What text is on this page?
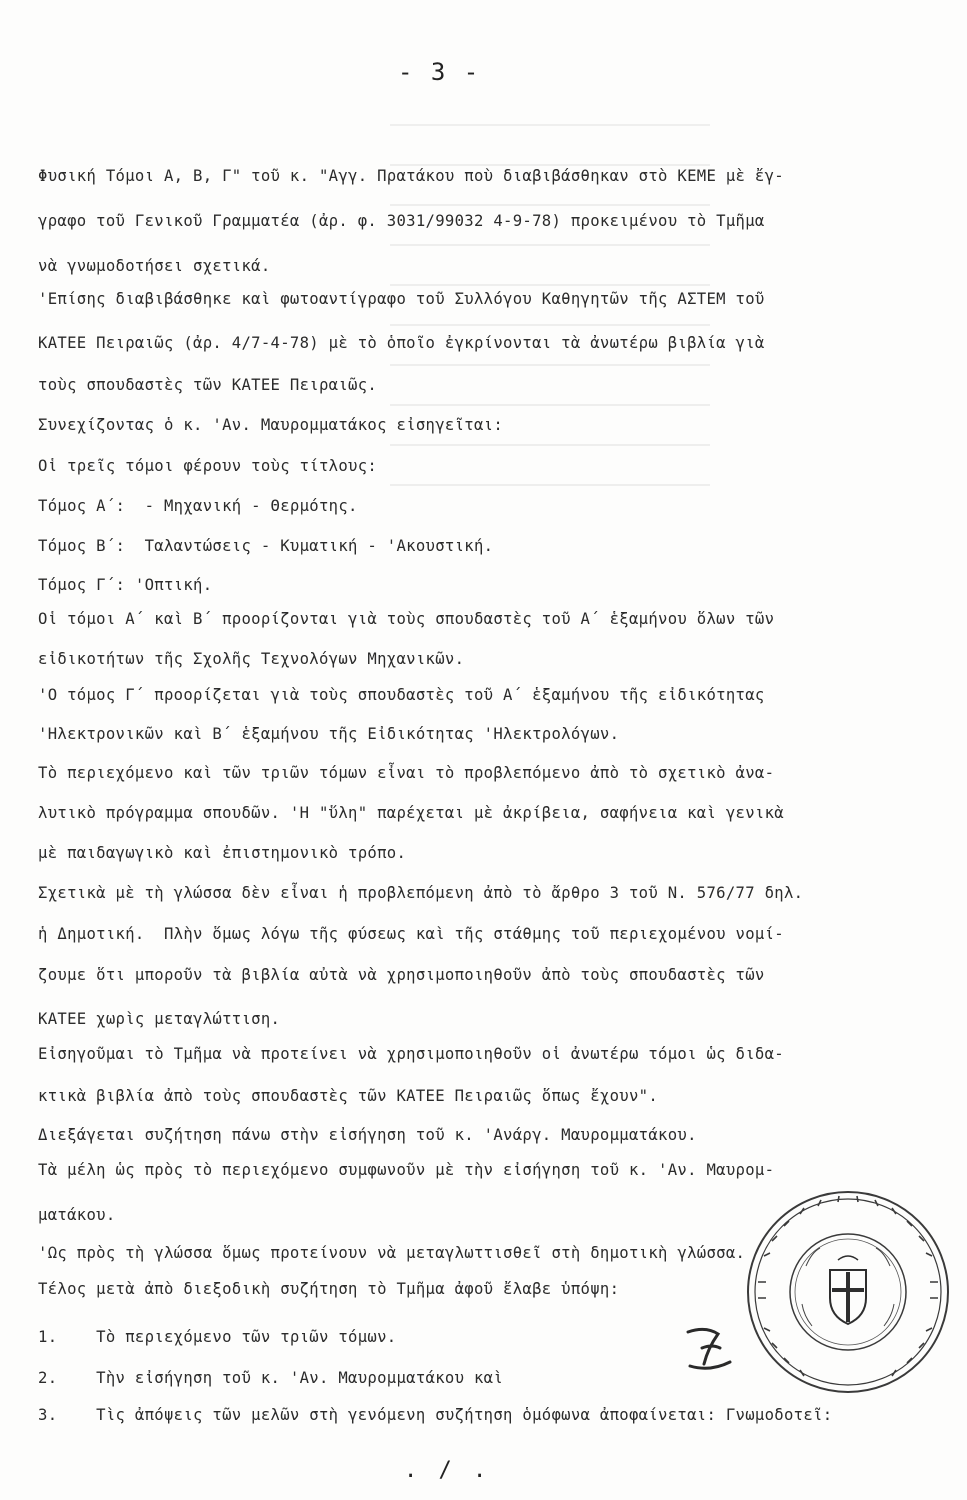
- 3 -
Φυσική Τόμοι Α, Β, Γ" τοῦ κ. "Αγγ. Πρατάκου ποὺ διαβιβάσθηκαν στὸ ΚΕΜΕ μὲ ἔγ-
γραφο τοῦ Γενικοῦ Γραμματέα (ἀρ. φ. 3031/99032 4-9-78) προκειμένου τὸ Τμῆμα
νὰ γνωμοδοτήσει σχετικά.
'Επίσης διαβιβάσθηκε καὶ φωτοαντίγραφο τοῦ Συλλόγου Καθηγητῶν τῆς ΑΣΤΕΜ τοῦ
ΚΑΤΕΕ Πειραιῶς (ἀρ. 4/7-4-78) μὲ τὸ ὁποῖο ἐγκρίνονται τὰ ἀνωτέρω βιβλία γιὰ
τοὺς σπουδαστὲς τῶν ΚΑΤΕΕ Πειραιῶς.
Συνεχίζοντας ὁ κ. 'Αν. Μαυρομματάκος εἰσηγεῖται:
Οἱ τρεῖς τόμοι φέρουν τοὺς τίτλους:
Τόμος Α΄:  - Μηχανική - Θερμότης.
Τόμος Β΄:  Ταλαντώσεις - Κυματική - 'Ακουστική.
Τόμος Γ΄: 'Οπτική.
Οἱ τόμοι Α΄ καὶ Β΄ προορίζονται γιὰ τοὺς σπουδαστὲς τοῦ Α΄ ἑξαμήνου ὅλων τῶν
εἰδικοτήτων τῆς Σχολῆς Τεχνολόγων Μηχανικῶν.
'Ο τόμος Γ΄ προορίζεται γιὰ τοὺς σπουδαστὲς τοῦ Α΄ ἑξαμήνου τῆς εἰδικότητας
'Ηλεκτρονικῶν καὶ Β΄ ἑξαμήνου τῆς Εἰδικότητας 'Ηλεκτρολόγων.
Τὸ περιεχόμενο καὶ τῶν τριῶν τόμων εἶναι τὸ προβλεπόμενο ἀπὸ τὸ σχετικὸ ἀνα-
λυτικὸ πρόγραμμα σπουδῶν. 'Η "ὕλη" παρέχεται μὲ ἀκρίβεια, σαφήνεια καὶ γενικὰ
μὲ παιδαγωγικὸ καὶ ἐπιστημονικὸ τρόπο.
Σχετικὰ μὲ τὴ γλώσσα δὲν εἶναι ἡ προβλεπόμενη ἀπὸ τὸ ἄρθρο 3 τοῦ Ν. 576/77 δηλ.
ἡ Δημοτική.  Πλὴν ὅμως λόγω τῆς φύσεως καὶ τῆς στάθμης τοῦ περιεχομένου νομί-
ζουμε ὅτι μποροῦν τὰ βιβλία αὐτὰ νὰ χρησιμοποιηθοῦν ἀπὸ τοὺς σπουδαστὲς τῶν
ΚΑΤΕΕ χωρὶς μεταγλώττιση.
Εἰσηγοῦμαι τὸ Τμῆμα νὰ προτείνει νὰ χρησιμοποιηθοῦν οἱ ἀνωτέρω τόμοι ὡς διδα-
κτικὰ βιβλία ἀπὸ τοὺς σπουδαστὲς τῶν ΚΑΤΕΕ Πειραιῶς ὅπως ἔχουν".
Διεξάγεται συζήτηση πάνω στὴν εἰσήγηση τοῦ κ. 'Ανάργ. Μαυρομματάκου.
Τὰ μέλη ὡς πρὸς τὸ περιεχόμενο συμφωνοῦν μὲ τὴν εἰσήγηση τοῦ κ. 'Αν. Μαυρομ-
ματάκου.
'Ως πρὸς τὴ γλώσσα ὅμως προτείνουν νὰ μεταγλωττισθεῖ στὴ δημοτικὴ γλώσσα.
Τέλος μετὰ ἀπὸ διεξοδικὴ συζήτηση τὸ Τμῆμα ἀφοῦ ἔλαβε ὑπόψη:
1.    Τὸ περιεχόμενο τῶν τριῶν τόμων.
2.    Τὴν εἰσήγηση τοῦ κ. 'Αν. Μαυρομματάκου καὶ
3.    Τὶς ἀπόψεις τῶν μελῶν στὴ γενόμενη συζήτηση ὁμόφωνα ἀποφαίνεται: Γνωμοδοτεῖ:
. / .
